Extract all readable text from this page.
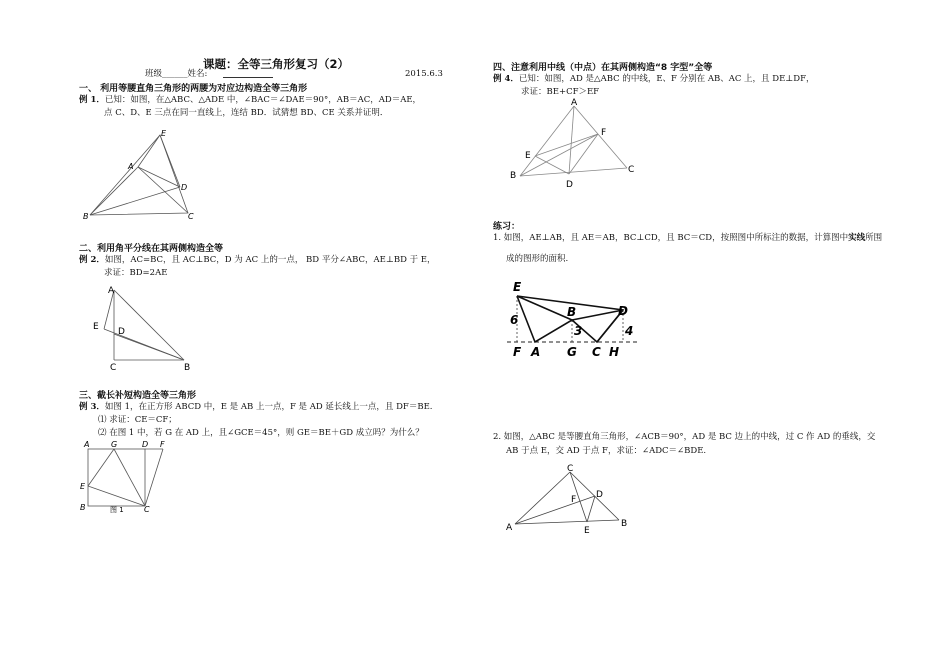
课题：全等三角形复习（2）
班级______姓名:	2015.6.3
一、 利用等腰直角三角形的两腰为对应边构造全等三角形
例 1．已知：如图，在△ABC、△ADE 中，∠BAC＝∠DAE＝90°，AB＝AC，AD＝AE，
点 C、D、E 三点在同一直线上，连结 BD．试猜想 BD、CE 关系并证明．
E
A
D
B	C
二、利用角平分线在其两侧构造全等
例 2．如图，AC=BC，且 AC⊥BC，D 为 AC 上的一点， BD 平分∠ABC，AE⊥BD 于 E，
求证：BD=2AE
A
E D
C	B
三、截长补短构造全等三角形
例 3．如图 1，在正方形 ABCD 中，E 是 AB 上一点，F 是 AD 延长线上一点，且 DF＝BE.
⑴ 求证：CE＝CF；
⑵ 在图 1 中，若 G 在 AD 上，且∠GCE＝45°，则 GE＝BE＋GD 成立吗？为什么？
A	G	D F
E
B	C
图 1
四、注意利用中线（中点）在其两侧构造“8 字型”全等
例 4．已知：如图，AD 是△ABC 的中线，E、F 分别在 AB、AC 上，且 DE⊥DF，
求证：BE+CF＞EF
A
F
E
C
B
D
练习：
1. 如图，AE⊥AB，且 AE＝AB，BC⊥CD，且 BC＝CD，按照图中所标注的数据，计算图中实线所围
成的图形的面积.
E
D
B
6
3	4
F A G C H
2. 如图，△ABC 是等腰直角三角形，∠ACB＝90°，AD 是 BC 边上的中线，过 C 作 AD 的垂线，交
AB 于点 E，交 AD 于点 F，求证：∠ADC＝∠BDE.
C
F D
A	E
B
